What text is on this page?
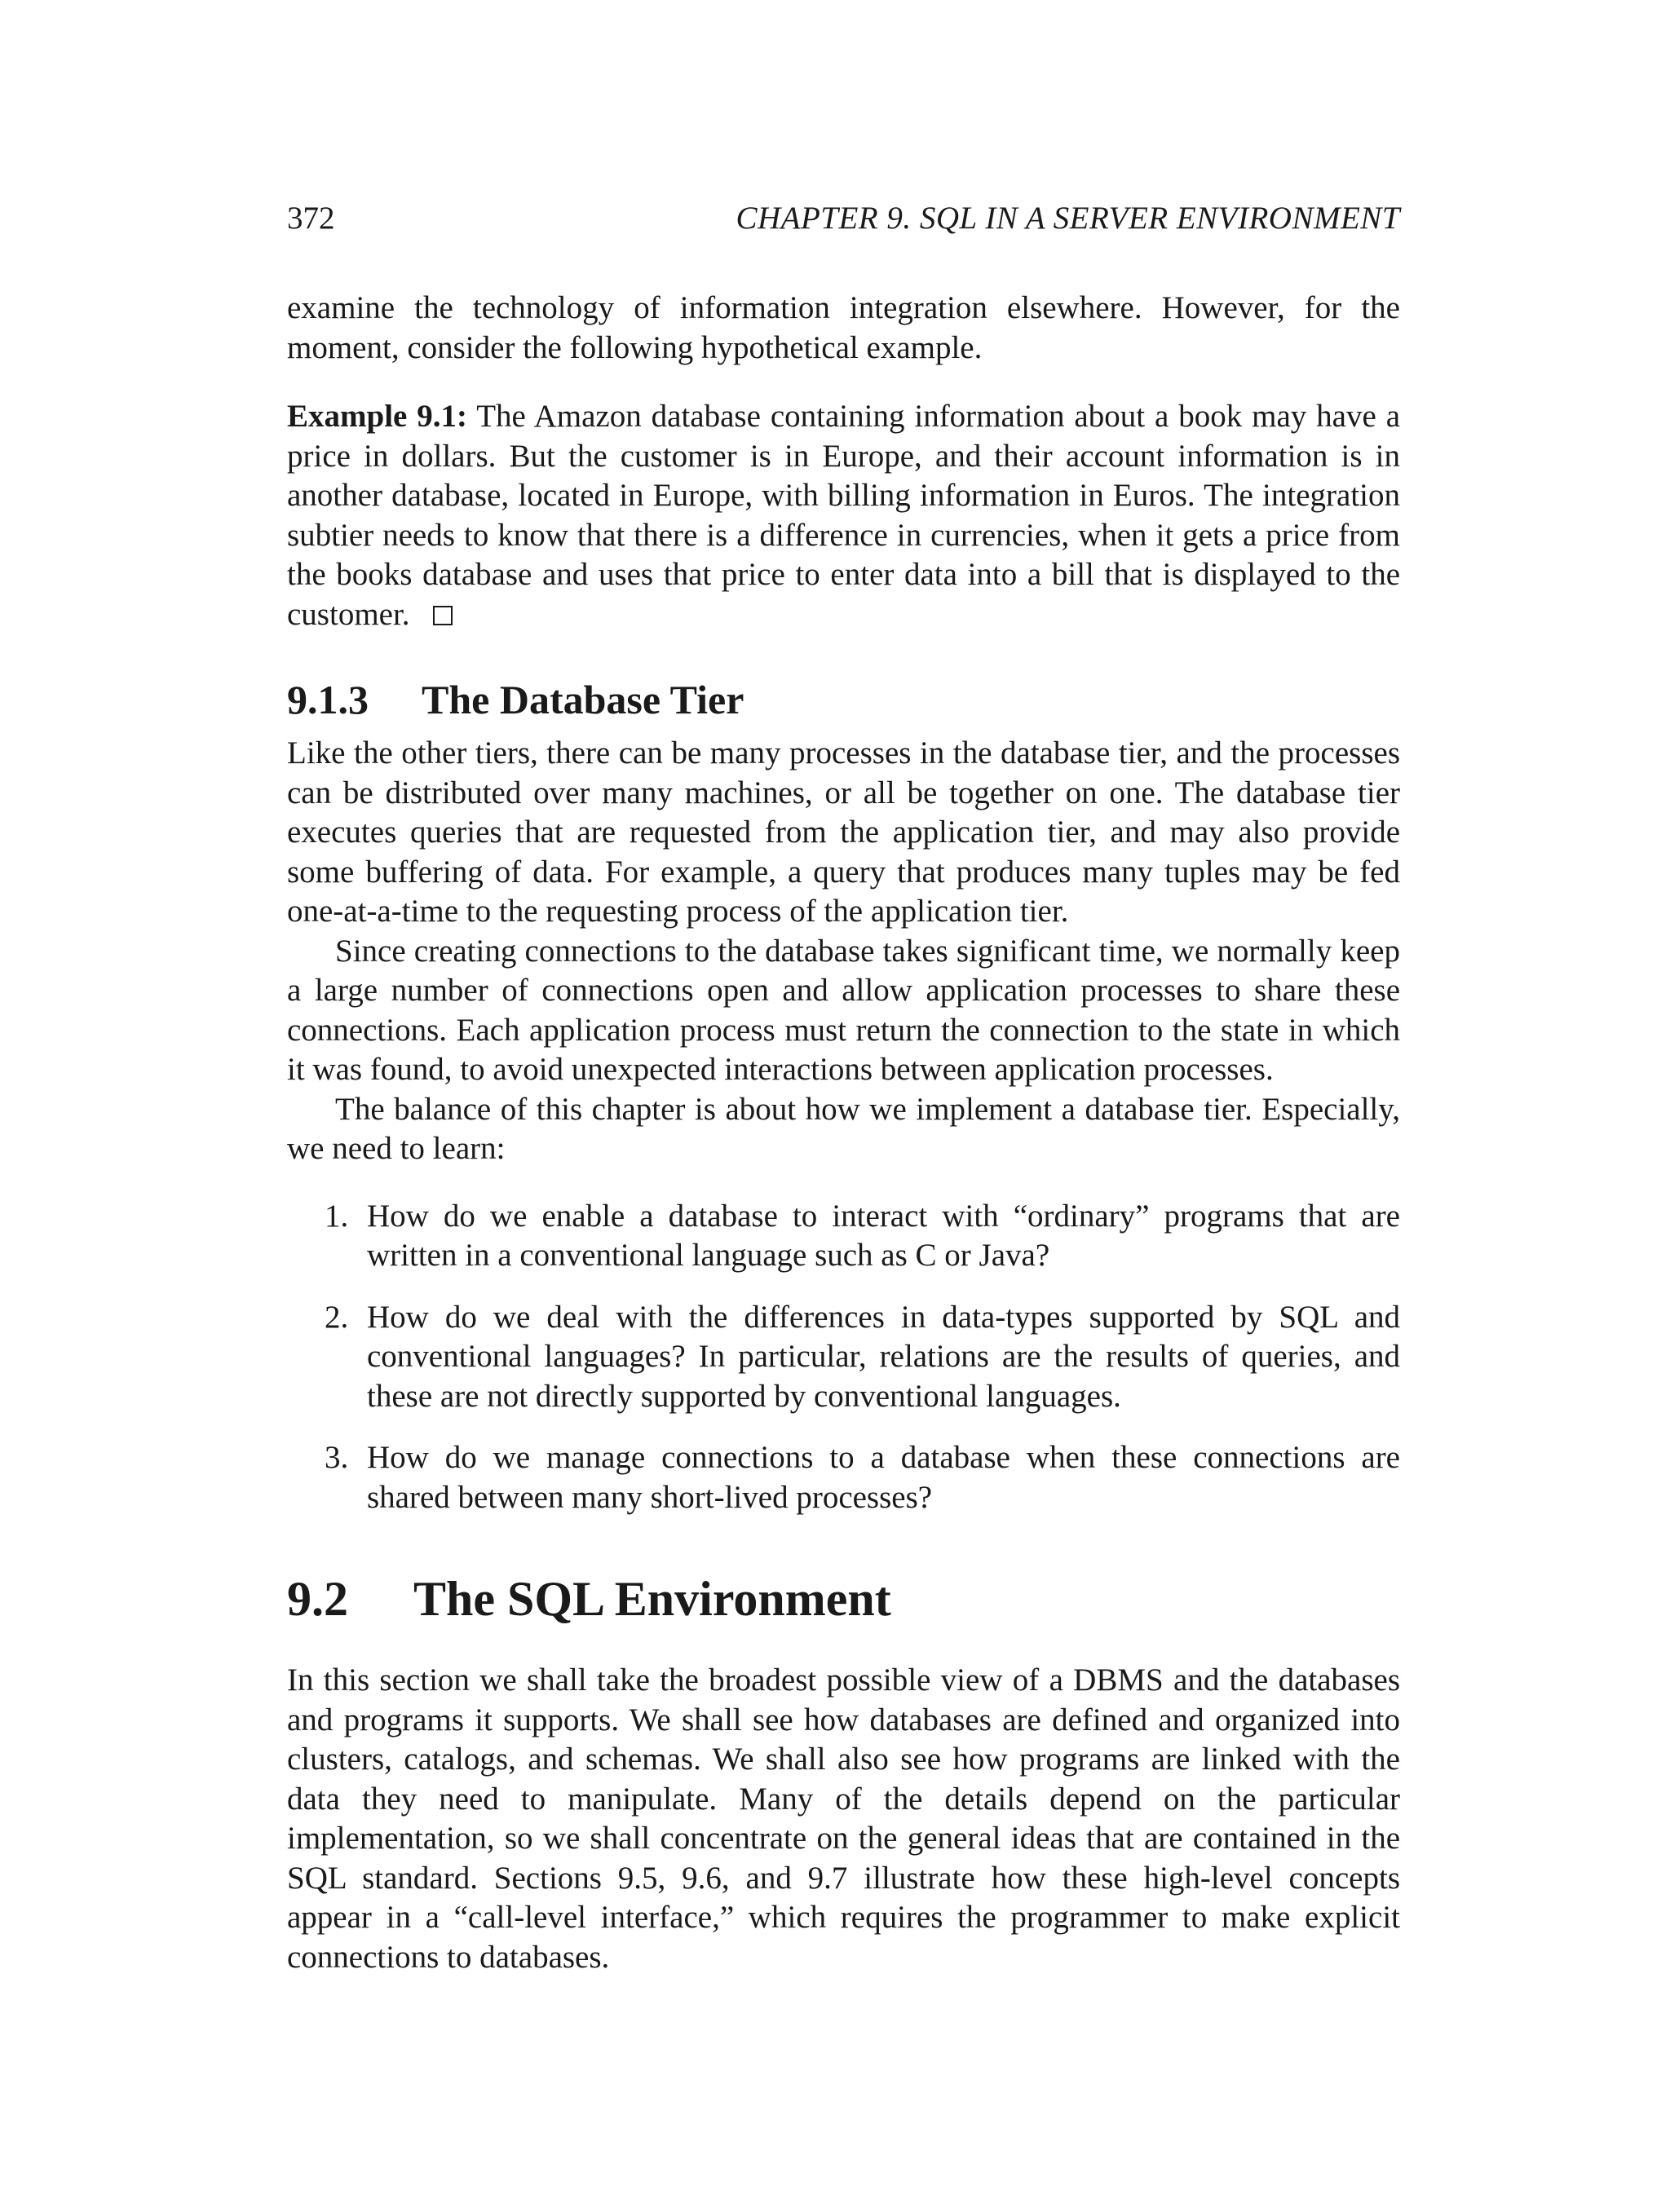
372	CHAPTER 9. SQL IN A SERVER ENVIRONMENT

examine the technology of information integration elsewhere. However, for the moment, consider the following hypothetical example.

Example 9.1: The Amazon database containing information about a book may have a price in dollars. But the customer is in Europe, and their account information is in another database, located in Europe, with billing information in Euros. The integration subtier needs to know that there is a difference in currencies, when it gets a price from the books database and uses that price to enter data into a bill that is displayed to the customer.

9.1.3 The Database Tier

Like the other tiers, there can be many processes in the database tier, and the processes can be distributed over many machines, or all be together on one. The database tier executes queries that are requested from the application tier, and may also provide some buffering of data. For example, a query that produces many tuples may be fed one-at-a-time to the requesting process of the application tier.

Since creating connections to the database takes significant time, we normally keep a large number of connections open and allow application processes to share these connections. Each application process must return the connection to the state in which it was found, to avoid unexpected interactions between application processes.

The balance of this chapter is about how we implement a database tier. Especially, we need to learn:

1. How do we enable a database to interact with “ordinary” programs that are written in a conventional language such as C or Java?
2. How do we deal with the differences in data-types supported by SQL and conventional languages? In particular, relations are the results of queries, and these are not directly supported by conventional languages.
3. How do we manage connections to a database when these connections are shared between many short-lived processes?
9.2 The SQL Environment

In this section we shall take the broadest possible view of a DBMS and the databases and programs it supports. We shall see how databases are defined and organized into clusters, catalogs, and schemas. We shall also see how programs are linked with the data they need to manipulate. Many of the details depend on the particular implementation, so we shall concentrate on the general ideas that are contained in the SQL standard. Sections 9.5, 9.6, and 9.7 illustrate how these high-level concepts appear in a “call-level interface,” which requires the programmer to make explicit connections to databases.
